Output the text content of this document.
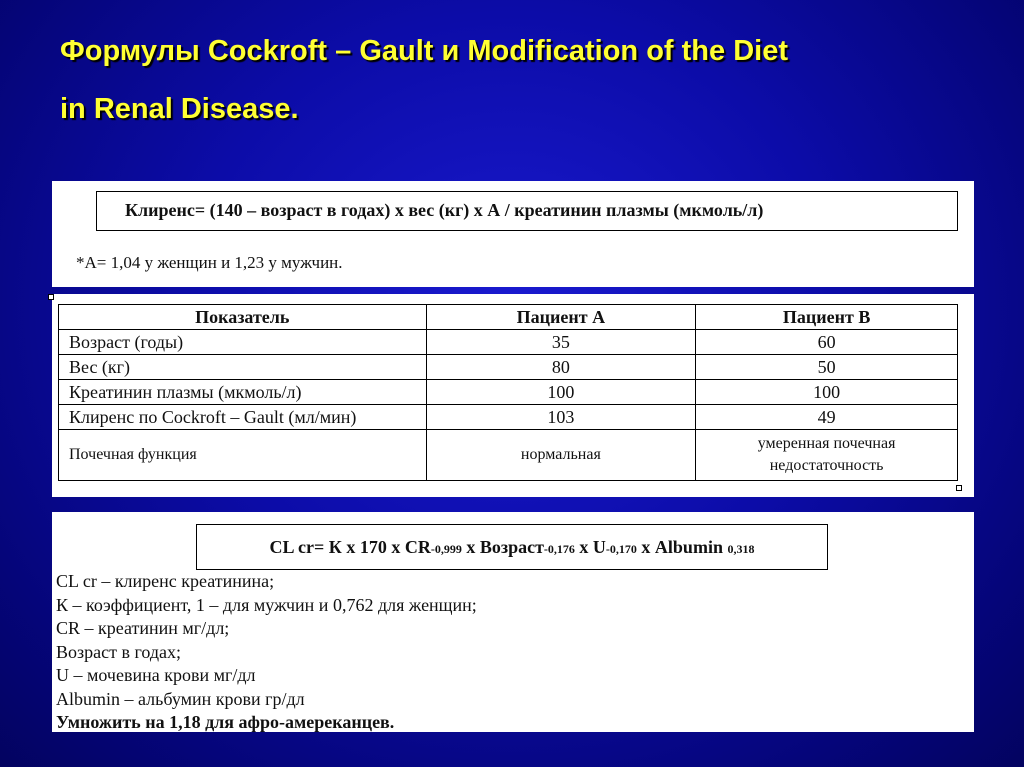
Формулы Cockroft – Gault и Modification of the Diet
in Renal Disease.
Клиренс= (140 – возраст в годах) х вес (кг) х А / креатинин плазмы (мкмоль/л)
*А= 1,04 у женщин и 1,23 у мужчин.
Показатель	Пациент А	Пациент В
Возраст (годы)	35	60
Вес (кг)	80	50
Креатинин плазмы (мкмоль/л)	100	100
Клиренс по Cockroft – Gault (мл/мин)	103	49
Почечная функция	нормальная	умеренная почечная
недостаточность
CL cr= К х 170 х CR-0,999 х Возраст-0,176 х U-0,170 х Albumin 0,318
CL cr – клиренс креатинина;
К – коэффициент, 1 – для мужчин и 0,762 для женщин;
CR – креатинин мг/дл;
Возраст в годах;
U – мочевина крови мг/дл
Albumin – альбумин крови гр/дл
Умножить на 1,18 для афро-амереканцев.
